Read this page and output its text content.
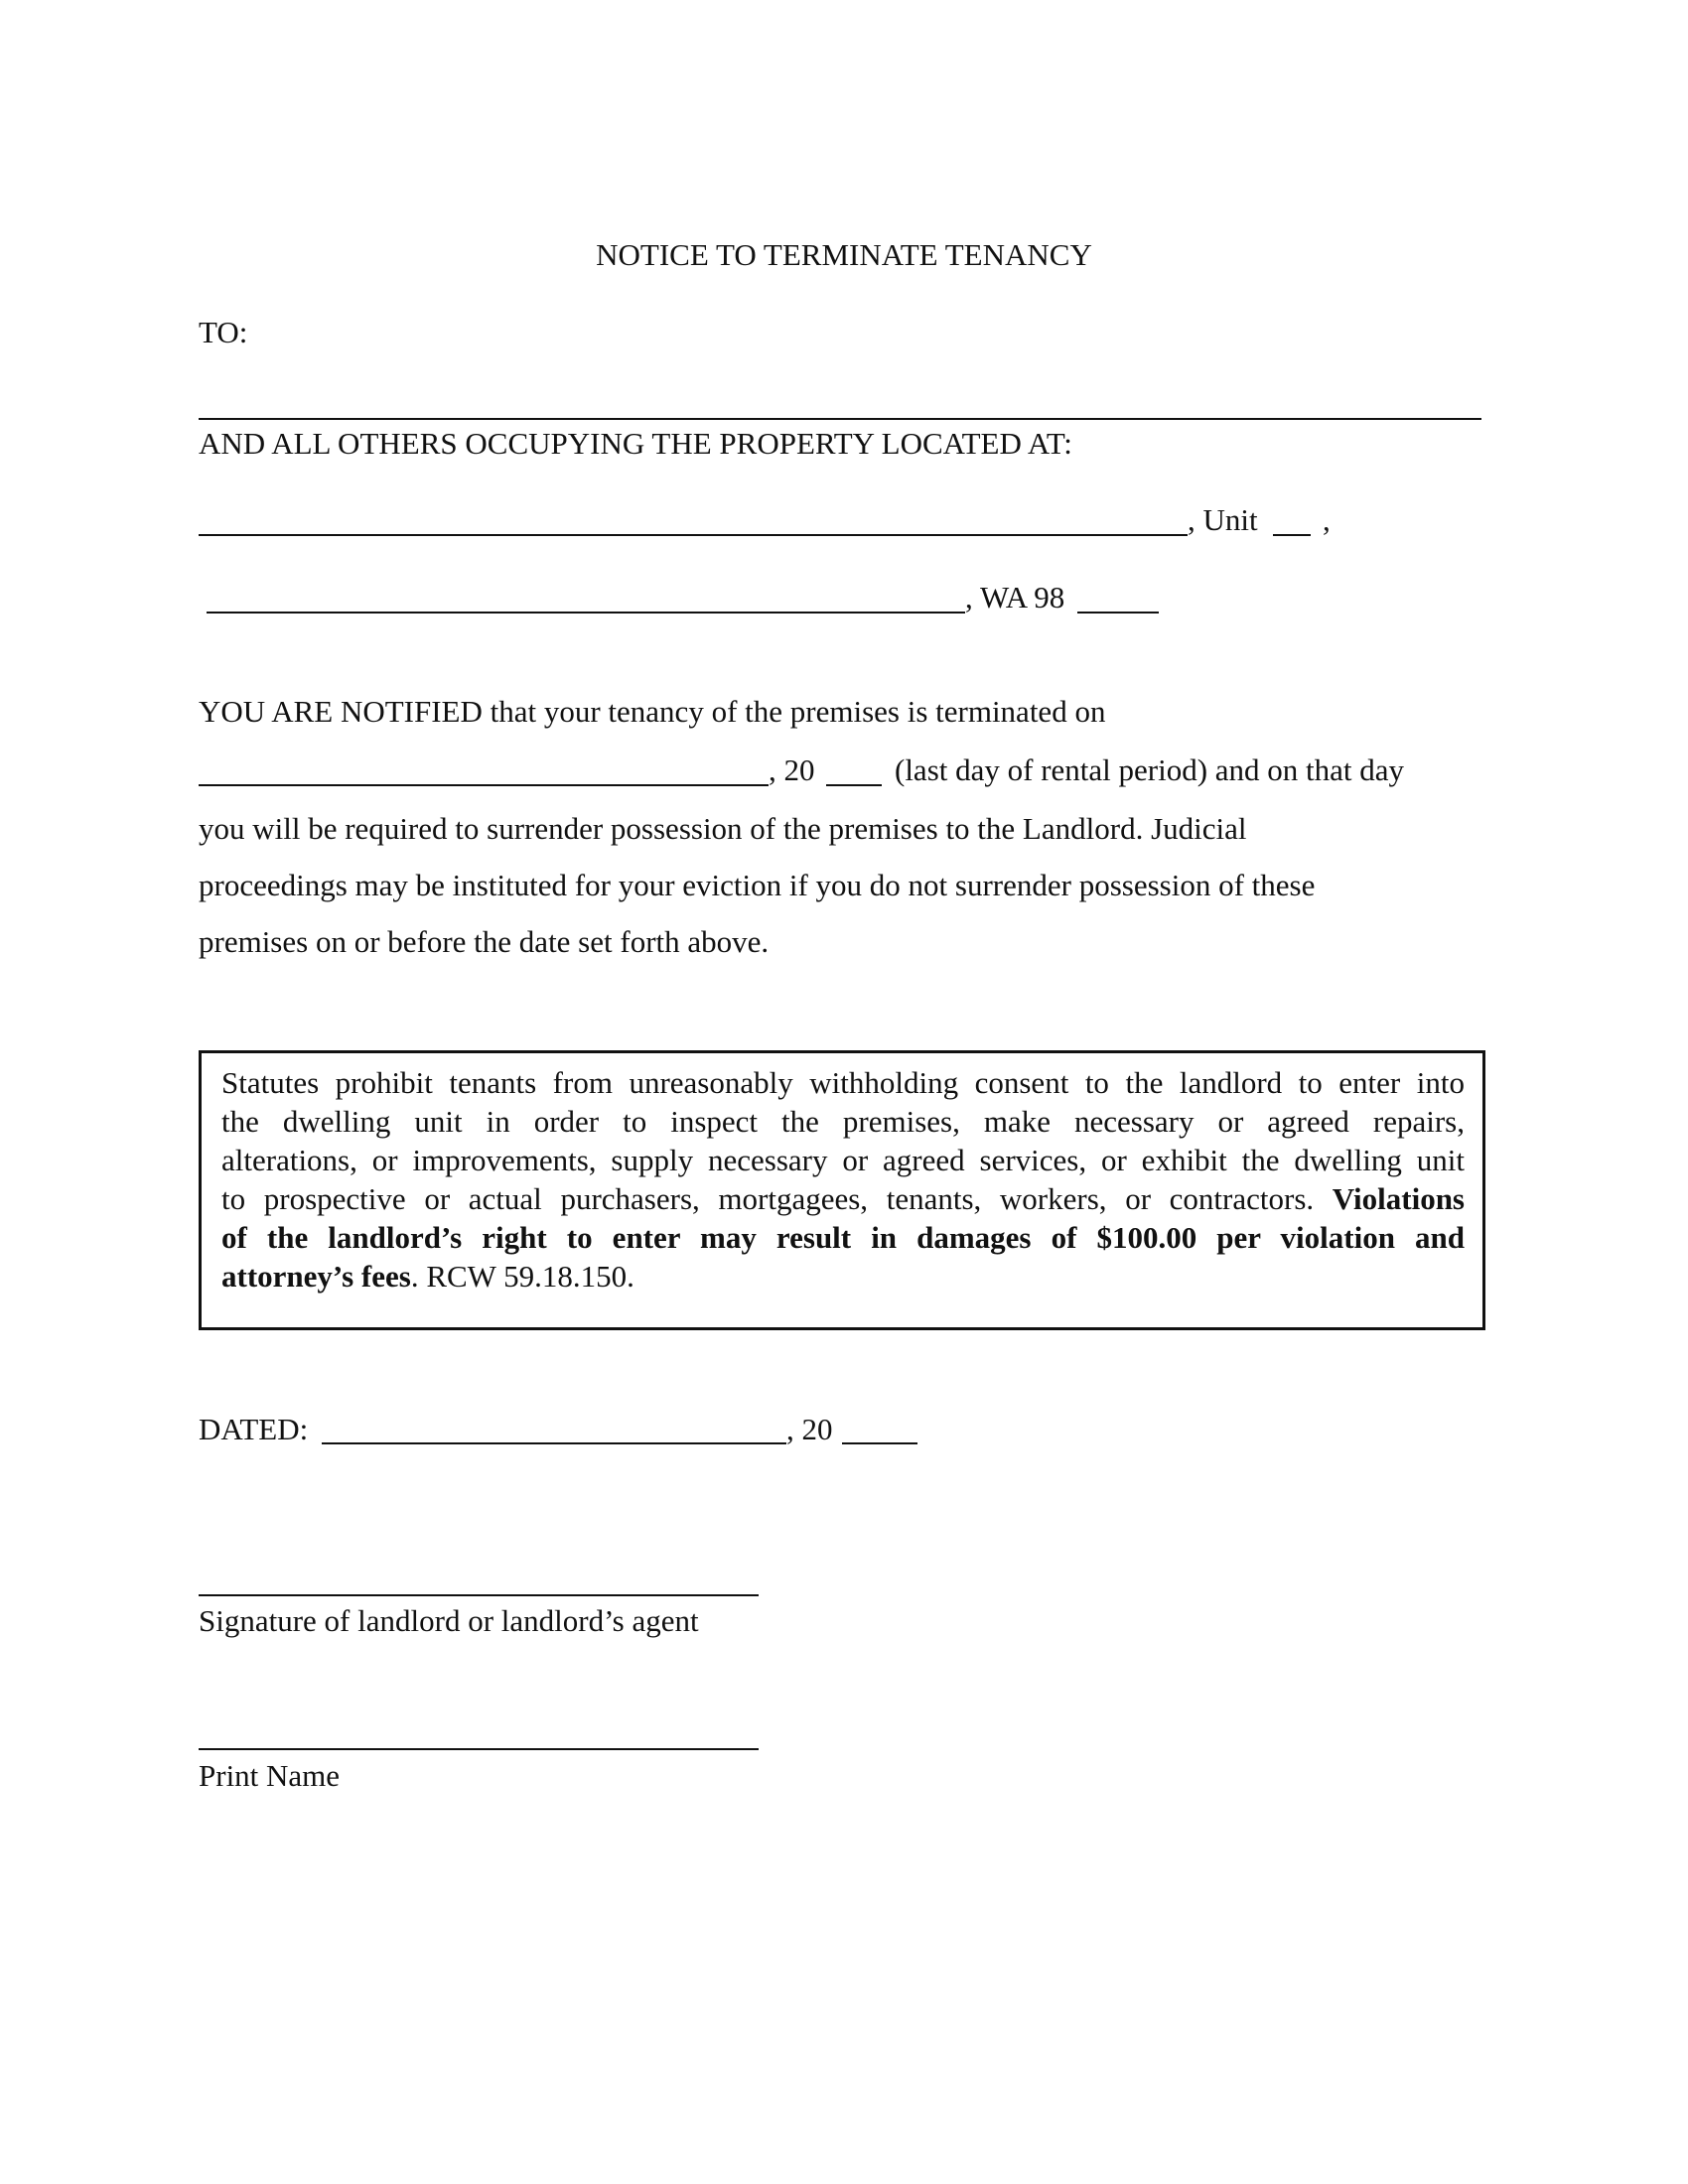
NOTICE TO TERMINATE TENANCY
TO:
AND ALL OTHERS OCCUPYING THE PROPERTY LOCATED AT:
, Unit ,
, WA 98
YOU ARE NOTIFIED that your tenancy of the premises is terminated on
, 20	(last day of rental period) and on that day
you will be required to surrender possession of the premises to the Landlord. Judicial
proceedings may be instituted for your eviction if you do not surrender possession of these
premises on or before the date set forth above.
Statutes prohibit tenants from unreasonably withholding consent to the landlord to enter into
the dwelling unit in order to inspect the premises, make necessary or agreed repairs,
alterations, or improvements, supply necessary or agreed services, or exhibit the dwelling unit
to prospective or actual purchasers, mortgagees, tenants, workers, or contractors. Violations
of the landlord’s right to enter may result in damages of $100.00 per violation and
attorney’s fees. RCW 59.18.150.
DATED:	, 20
Signature of landlord or landlord’s agent
Print Name
